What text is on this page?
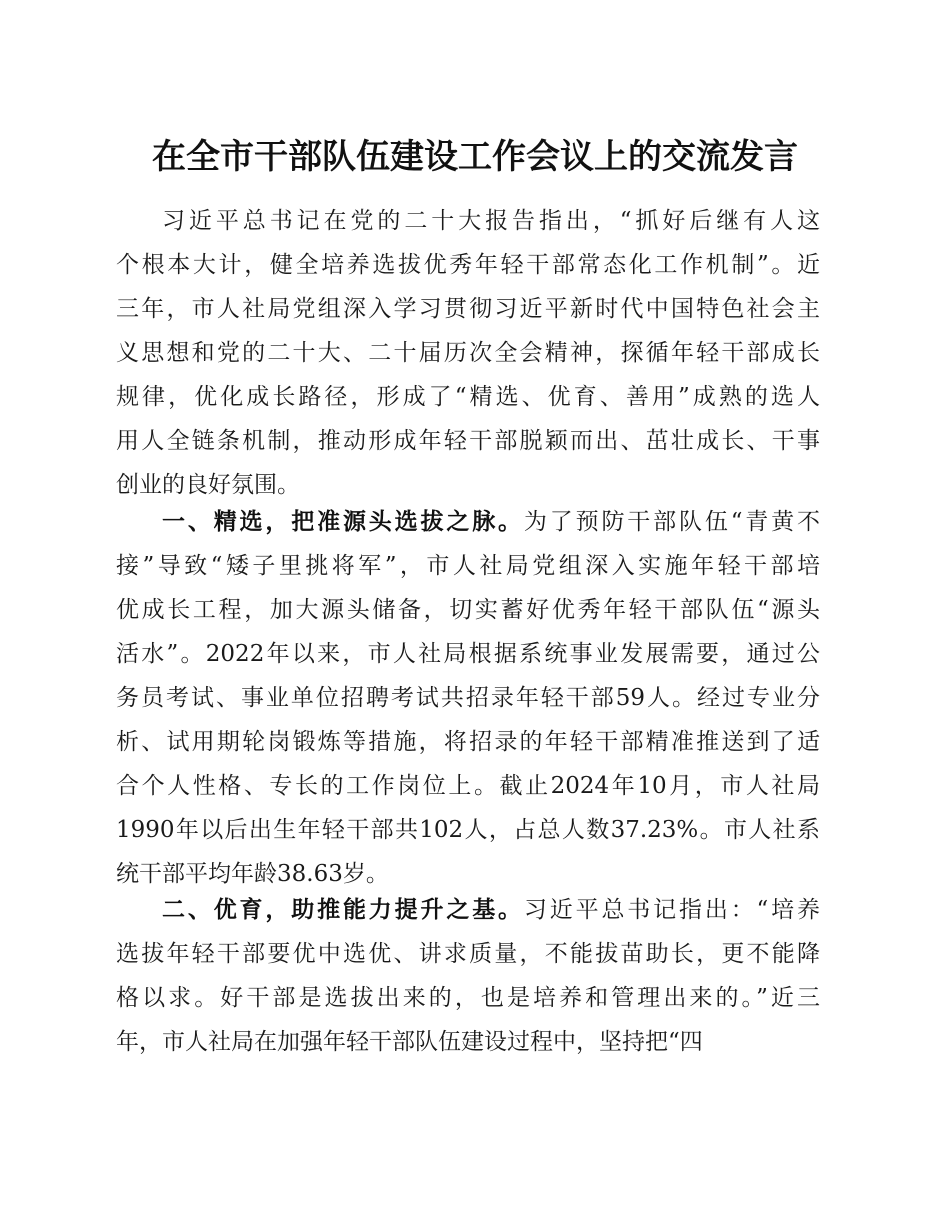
在全市干部队伍建设工作会议上的交流发言
习近平总书记在党的二十大报告指出，“抓好后继有人这
个根本大计，健全培养选拔优秀年轻干部常态化工作机制”。近
三年，市人社局党组深入学习贯彻习近平新时代中国特色社会主
义思想和党的二十大、二十届历次全会精神，探循年轻干部成长
规律，优化成长路径，形成了“精选、优育、善用”成熟的选人
用人全链条机制，推动形成年轻干部脱颖而出、茁壮成长、干事
创业的良好氛围。
一、精选，把准源头选拔之脉。为了预防干部队伍“青黄不
接”导致“矮子里挑将军”，市人社局党组深入实施年轻干部培
优成长工程，加大源头储备，切实蓄好优秀年轻干部队伍“源头
活水”。2022年以来，市人社局根据系统事业发展需要，通过公
务员考试、事业单位招聘考试共招录年轻干部59人。经过专业分
析、试用期轮岗锻炼等措施，将招录的年轻干部精准推送到了适
合个人性格、专长的工作岗位上。截止2024年10月，市人社局
1990年以后出生年轻干部共102人，占总人数37.23%。市人社系
统干部平均年龄38.63岁。
二、优育，助推能力提升之基。习近平总书记指出：“培养
选拔年轻干部要优中选优、讲求质量，不能拔苗助长，更不能降
格以求。好干部是选拔出来的，也是培养和管理出来的。”近三
年，市人社局在加强年轻干部队伍建设过程中，坚持把“四
